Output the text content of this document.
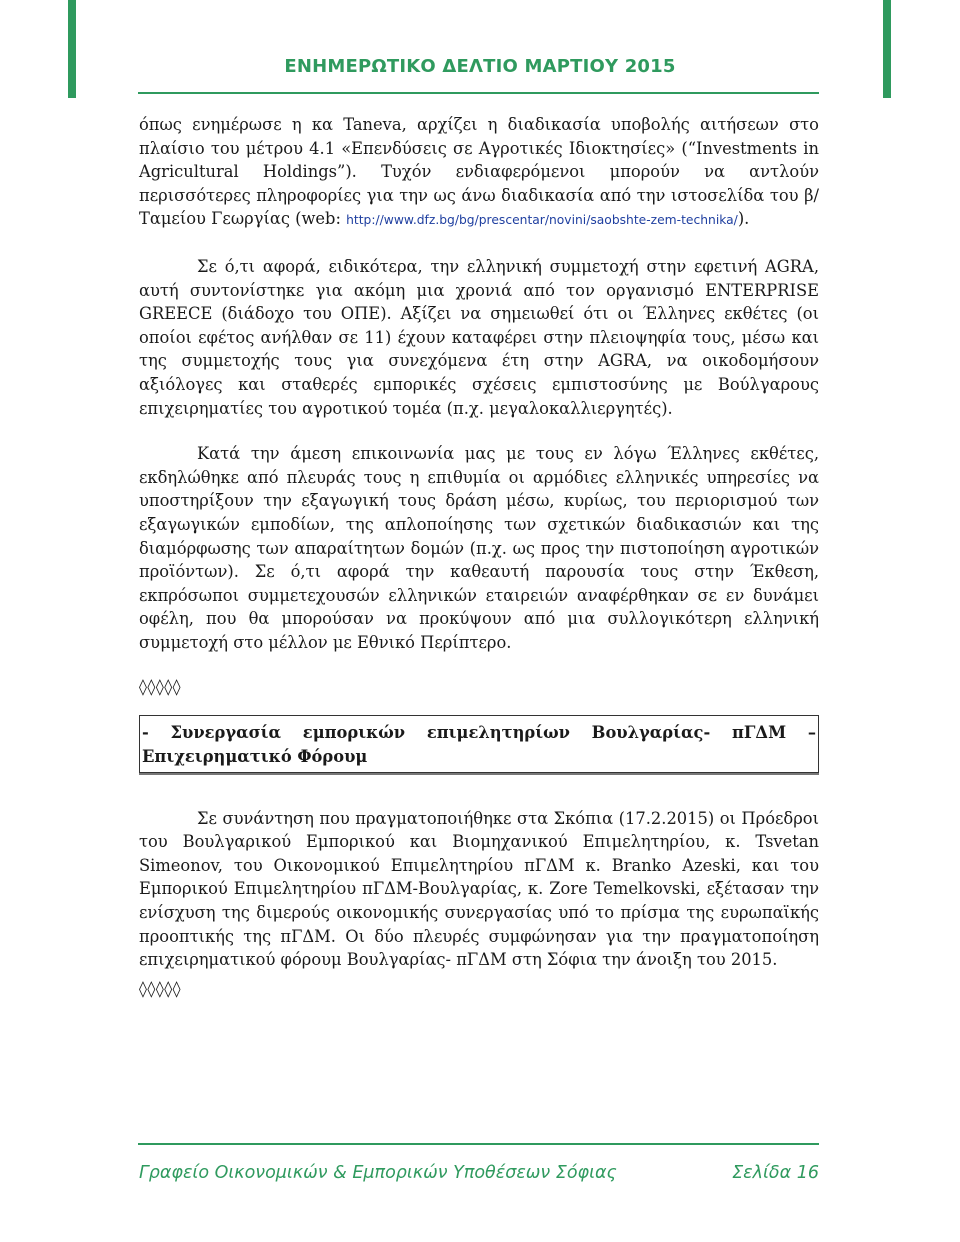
ΕΝΗΜΕΡΩΤΙΚΟ ΔΕΛΤΙΟ ΜΑΡΤΙΟΥ 2015

όπως ενημέρωσε η κα Taneva, αρχίζει η διαδικασία υποβολής αιτήσεων στο πλαίσιο του μέτρου 4.1 «Επενδύσεις σε Αγροτικές Ιδιοκτησίες» (“Investments in Agricultural Holdings”). Τυχόν ενδιαφερόμενοι μπορούν να αντλούν περισσότερες πληροφορίες για την ως άνω διαδικασία από την ιστοσελίδα του β/Ταμείου Γεωργίας (web: http://www.dfz.bg/bg/prescentar/novini/saobshte-zem-technika/).

Σε ό,τι αφορά, ειδικότερα, την ελληνική συμμετοχή στην εφετινή AGRA, αυτή συντονίστηκε για ακόμη μια χρονιά από τον οργανισμό ENTERPRISE GREECE (διάδοχο του ΟΠΕ). Αξίζει να σημειωθεί ότι οι Έλληνες εκθέτες (οι οποίοι εφέτος ανήλθαν σε 11) έχουν καταφέρει στην πλειοψηφία τους, μέσω και της συμμετοχής τους για συνεχόμενα έτη στην AGRA, να οικοδομήσουν αξιόλογες και σταθερές εμπορικές σχέσεις εμπιστοσύνης με Βούλγαρους επιχειρηματίες του αγροτικού τομέα (π.χ. μεγαλοκαλλιεργητές).

Κατά την άμεση επικοινωνία μας με τους εν λόγω Έλληνες εκθέτες, εκδηλώθηκε από πλευράς τους η επιθυμία οι αρμόδιες ελληνικές υπηρεσίες να υποστηρίξουν την εξαγωγική τους δράση μέσω, κυρίως, του περιορισμού των εξαγωγικών εμποδίων, της απλοποίησης των σχετικών διαδικασιών και της διαμόρφωσης των απαραίτητων δομών (π.χ. ως προς την πιστοποίηση αγροτικών προϊόντων). Σε ό,τι αφορά την καθεαυτή παρουσία τους στην Έκθεση, εκπρόσωποι συμμετεχουσών ελληνικών εταιρειών αναφέρθηκαν σε εν δυνάμει οφέλη, που θα μπορούσαν να προκύψουν από μια συλλογικότερη ελληνική συμμετοχή στο μέλλον με Εθνικό Περίπτερο.

◊◊◊◊◊

- Συνεργασία εμπορικών επιμελητηρίων Βουλγαρίας- πΓΔΜ – Επιχειρηματικό Φόρουμ

Σε συνάντηση που πραγματοποιήθηκε στα Σκόπια (17.2.2015) οι Πρόεδροι του Βουλγαρικού Εμπορικού και Βιομηχανικού Επιμελητηρίου, κ. Tsvetan Simeonov, του Οικονομικού Επιμελητηρίου πΓΔΜ κ. Branko Azeski, και του Εμπορικού Επιμελητηρίου πΓΔΜ-Βουλγαρίας, κ. Zore Temelkovski, εξέτασαν την ενίσχυση της διμερούς οικονομικής συνεργασίας υπό το πρίσμα της ευρωπαϊκής προοπτικής της πΓΔΜ. Οι δύο πλευρές συμφώνησαν για την πραγματοποίηση επιχειρηματικού φόρουμ Βουλγαρίας- πΓΔΜ στη Σόφια την άνοιξη του 2015.

◊◊◊◊◊

Γραφείο Οικονομικών & Εμπορικών Υποθέσεων Σόφιας	Σελίδα 16
